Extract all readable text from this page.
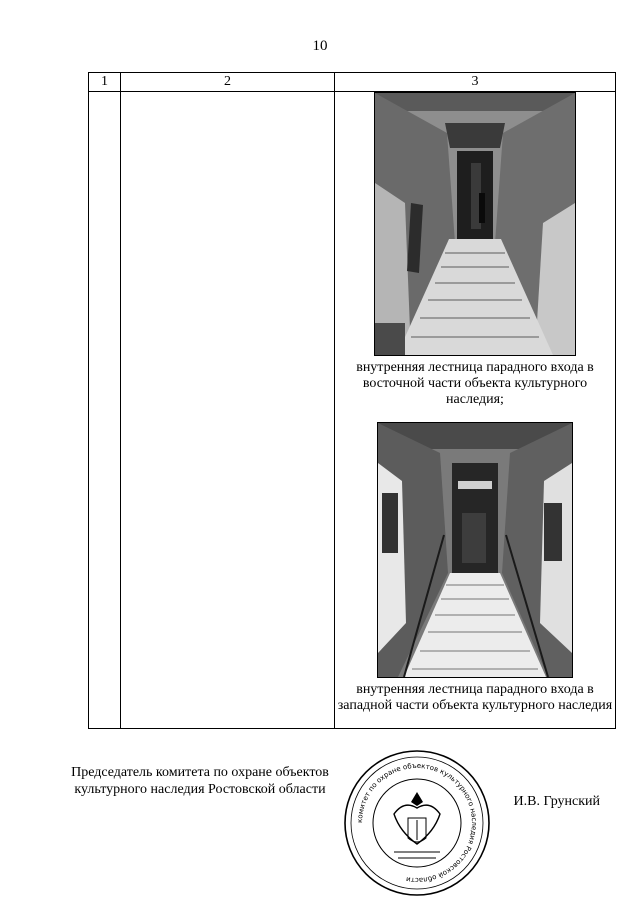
10
1	2	3

		внутренняя лестница парадного входа в восточной части объекта культурного наследия;

внутренняя лестница парадного входа в западной части объекта культурного наследия

Председатель комитета по охране объектов культурного наследия Ростовской области
комитет по охране объектов культурного наследия Ростовской области
И.В. Грунский
